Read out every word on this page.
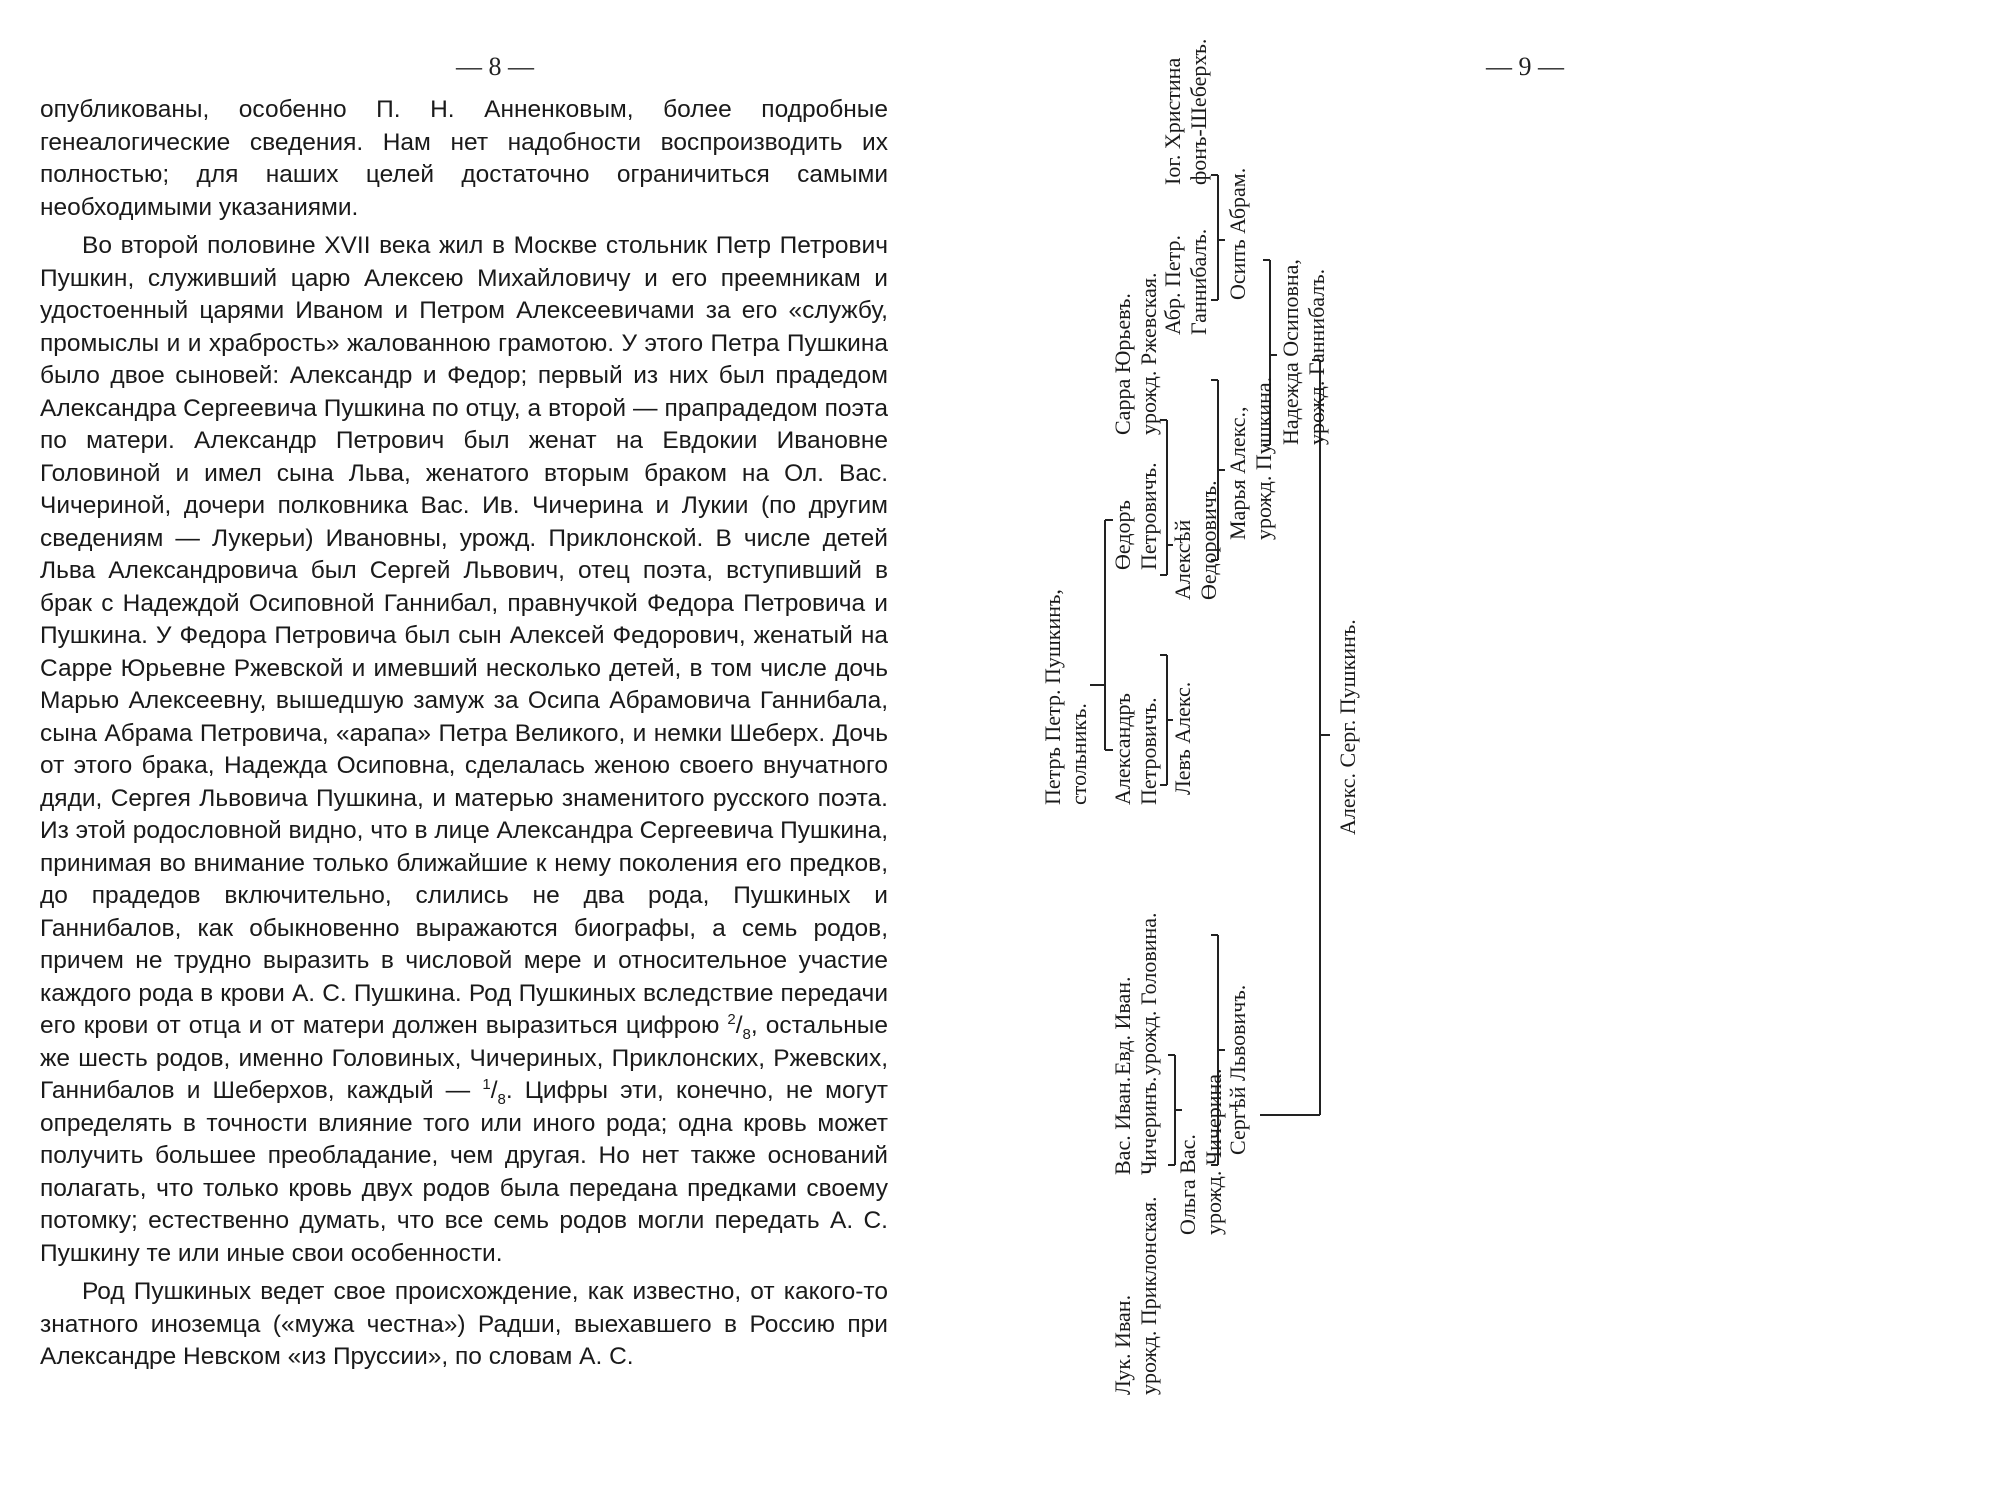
— 8 —

опубликованы, особенно П. Н. Анненковым, более подробные генеалогические сведения. Нам нет надобности воспроизводить их полностью; для наших целей достаточно ограничиться самыми необходимыми указаниями.

Во второй половине XVII века жил в Москве стольник Петр Петрович Пушкин, служивший царю Алексею Михайловичу и его преемникам и удостоенный царями Иваном и Петром Алексеевичами за его «службу, промыслы и и храбрость» жалованною грамотою. У этого Петра Пушкина было двое сыновей: Александр и Федор; первый из них был прадедом Александра Сергеевича Пушкина по отцу, а второй — прапрадедом поэта по матери. Александр Петрович был женат на Евдокии Ивановне Головиной и имел сына Льва, женатого вторым браком на Ол. Вас. Чичериной, дочери полковника Вас. Ив. Чичерина и Лукии (по другим сведениям — Лукерьи) Ивановны, урожд. Приклонской. В числе детей Льва Александровича был Сергей Львович, отец поэта, вступивший в брак с Надеждой Осиповной Ганнибал, правнучкой Федора Петровича и Пушкина. У Федора Петровича был сын Алексей Федорович, женатый на Сарре Юрьевне Ржевской и имевший несколько детей, в том числе дочь Марью Алексеевну, вышедшую замуж за Осипа Абрамовича Ганнибала, сына Абрама Петровича, «арапа» Петра Великого, и немки Шеберх. Дочь от этого брака, Надежда Осиповна, сделалась женою своего внучатного дяди, Сергея Львовича Пушкина, и матерью знаменитого русского поэта. Из этой родословной видно, что в лице Александра Сергеевича Пушкина, принимая во внимание только ближайшие к нему поколения его предков, до прадедов включительно, слились не два рода, Пушкиных и Ганнибалов, как обыкновенно выражаются биографы, а семь родов, причем не трудно выразить в числовой мере и относительное участие каждого рода в крови А. С. Пушкина. Род Пушкиных вследствие передачи его крови от отца и от матери должен выразиться цифрою $^2/_8$, остальные же шесть родов, именно Головиных, Чичериных, Приклонских, Ржевских, Ганнибалов и Шеберхов, каждый — $^1/_8$. Цифры эти, конечно, не могут определять в точности влияние того или иного рода; одна кровь может получить большее преобладание, чем другая. Но нет также оснований полагать, что только кровь двух родов была передана предками своему потомку; естественно думать, что все семь родов могли передать А. С. Пушкину те или иные свои особенности.

Род Пушкиных ведет свое происхождение, как известно, от какого-то знатного иноземца («мужа честна») Радши, выехавшего в Россию при Александре Невском «из Пруссии», по словам А. С.

— 9 —
Петръ Петр. Пушкинъ, стольникъ. Александръ Петровичъ.
Өедоръ Петровичъ.
Евд. Иван. урожд. Головина.
Сарра Юрьевъ. урожд. Ржевская.
Левъ Алекс.
Алексѣй Өедоровичъ.
Лук. Иван. урожд. Приклонская.
Вас. Иван. Чичеринъ.
Ольга Вас. урожд. Чичерина. Сергѣй Львовичъ.
Марья Алекс., урожд. Пушкина.
Абр. Петр. Ганнибалъ.
Іог. Христина фонъ-Шеберхъ.
Осипъ Абрам.
Надежда Осиповна, урожд. Ганнибалъ.
Алекс. Серг. Пушкинъ.
